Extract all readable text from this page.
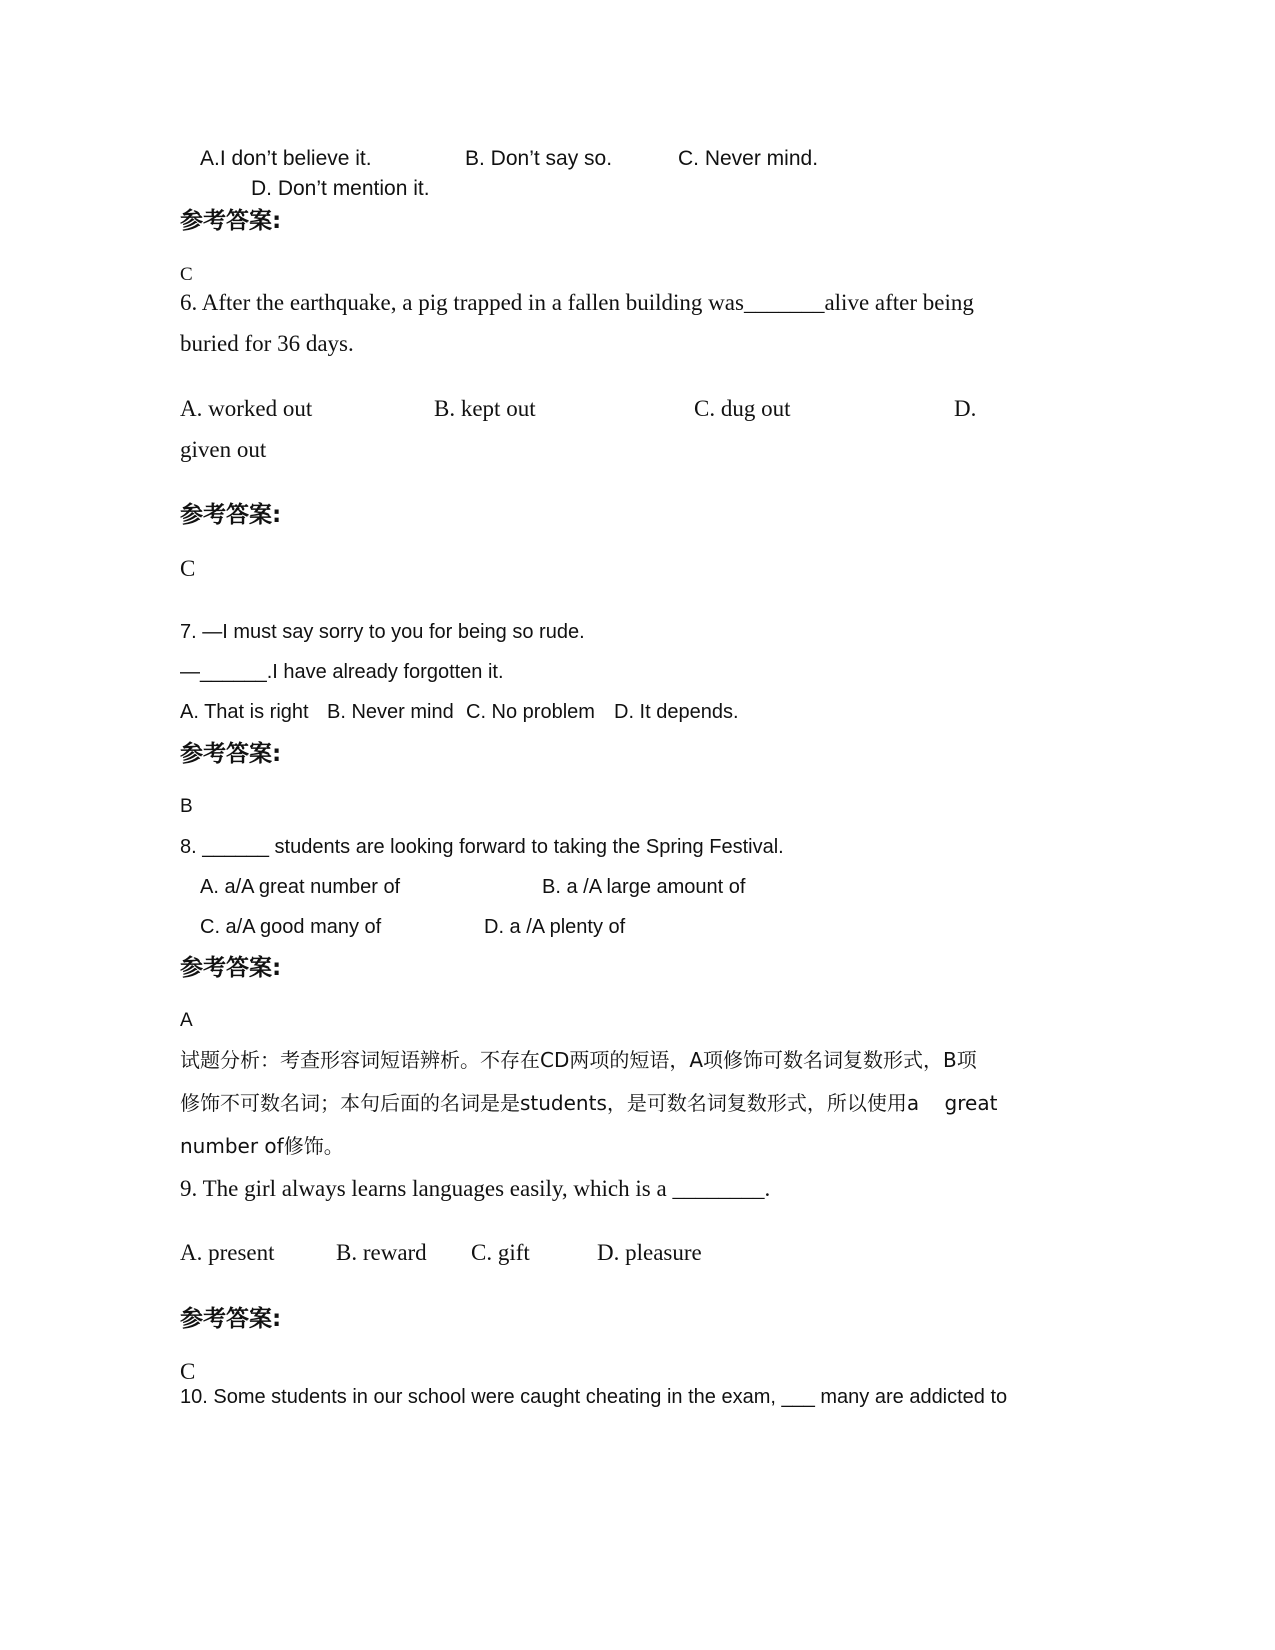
A.I don’t believe it.	B. Don’t say so.	C. Never mind.

D. Don’t mention it.

参考答案:

C

6. After the earthquake, a pig trapped in a fallen building was_______alive after being

buried for 36 days.

A. worked out	B. kept out	C. dug out	D.

given out

参考答案:

C

7. —I must say sorry to you for being so rude.

—______.I have already forgotten it.

A. That is right B. Never mind C. No problem D. It depends.

参考答案:

B

8. ______ students are looking forward to taking the Spring Festival.

A. a/A great number of	B. a /A large amount of

C. a/A good many of	D. a /A plenty of

参考答案:

A

试题分析：考查形容词短语辨析。不存在CD两项的短语，A项修饰可数名词复数形式，B项

修饰不可数名词；本句后面的名词是是students，是可数名词复数形式，所以使用a    great

number of修饰。

9. The girl always learns languages easily, which is a ________.

A. present	B. reward C. gift	D. pleasure

参考答案:

C

10. Some students in our school were caught cheating in the exam, ___ many are addicted to
